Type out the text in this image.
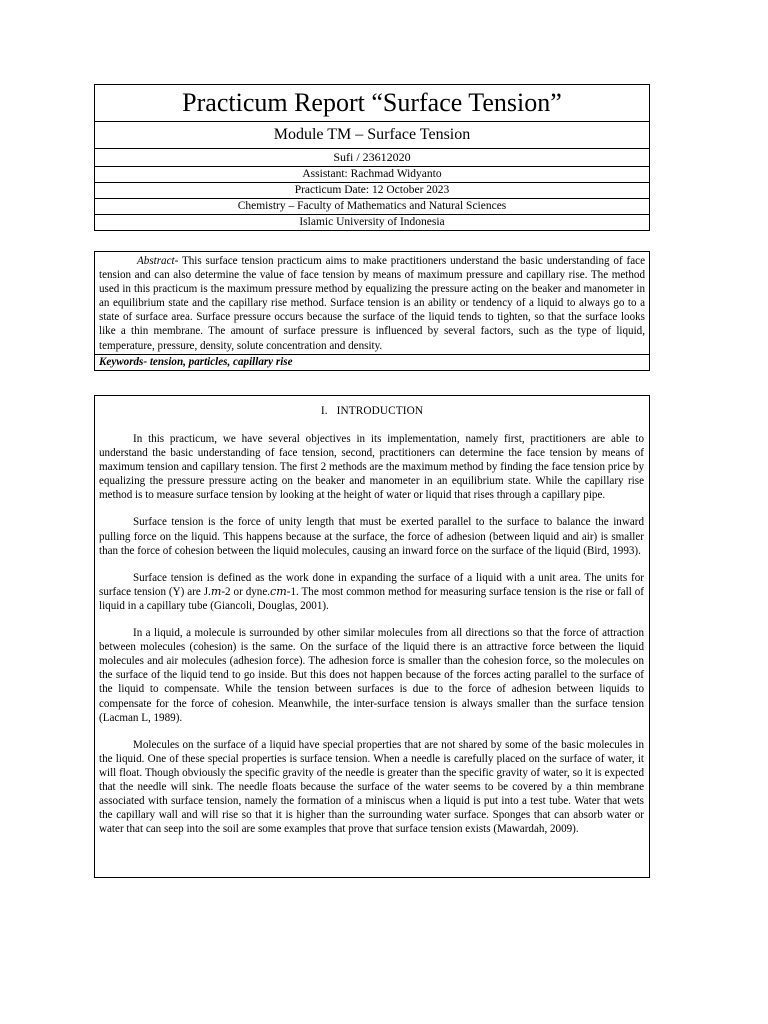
Practicum Report “Surface Tension”
Module TM – Surface Tension
Sufi / 23612020
Assistant: Rachmad Widyanto
Practicum Date: 12 October 2023
Chemistry – Faculty of Mathematics and Natural Sciences
Islamic University of Indonesia
Abstract- This surface tension practicum aims to make practitioners understand the basic understanding of face tension and can also determine the value of face tension by means of maximum pressure and capillary rise. The method used in this practicum is the maximum pressure method by equalizing the pressure acting on the beaker and manometer in an equilibrium state and the capillary rise method. Surface tension is an ability or tendency of a liquid to always go to a state of surface area. Surface pressure occurs because the surface of the liquid tends to tighten, so that the surface looks like a thin membrane. The amount of surface pressure is influenced by several factors, such as the type of liquid, temperature, pressure, density, solute concentration and density.
Keywords- tension, particles, capillary rise
I. INTRODUCTION

In this practicum, we have several objectives in its implementation, namely first, practitioners are able to understand the basic understanding of face tension, second, practitioners can determine the face tension by means of maximum tension and capillary tension. The first 2 methods are the maximum method by finding the face tension price by equalizing the pressure pressure acting on the beaker and manometer in an equilibrium state. While the capillary rise method is to measure surface tension by looking at the height of water or liquid that rises through a capillary pipe.

Surface tension is the force of unity length that must be exerted parallel to the surface to balance the inward pulling force on the liquid. This happens because at the surface, the force of adhesion (between liquid and air) is smaller than the force of cohesion between the liquid molecules, causing an inward force on the surface of the liquid (Bird, 1993).

Surface tension is defined as the work done in expanding the surface of a liquid with a unit area. The units for surface tension (Y) are J.𝑚-2 or dyne.𝑐𝑚-1. The most common method for measuring surface tension is the rise or fall of liquid in a capillary tube (Giancoli, Douglas, 2001).

In a liquid, a molecule is surrounded by other similar molecules from all directions so that the force of attraction between molecules (cohesion) is the same. On the surface of the liquid there is an attractive force between the liquid molecules and air molecules (adhesion force). The adhesion force is smaller than the cohesion force, so the molecules on the surface of the liquid tend to go inside. But this does not happen because of the forces acting parallel to the surface of the liquid to compensate. While the tension between surfaces is due to the force of adhesion between liquids to compensate for the force of cohesion. Meanwhile, the inter-surface tension is always smaller than the surface tension (Lacman L, 1989).

Molecules on the surface of a liquid have special properties that are not shared by some of the basic molecules in the liquid. One of these special properties is surface tension. When a needle is carefully placed on the surface of water, it will float. Though obviously the specific gravity of the needle is greater than the specific gravity of water, so it is expected that the needle will sink. The needle floats because the surface of the water seems to be covered by a thin membrane associated with surface tension, namely the formation of a miniscus when a liquid is put into a test tube. Water that wets the capillary wall and will rise so that it is higher than the surrounding water surface. Sponges that can absorb water or water that can seep into the soil are some examples that prove that surface tension exists (Mawardah, 2009).
